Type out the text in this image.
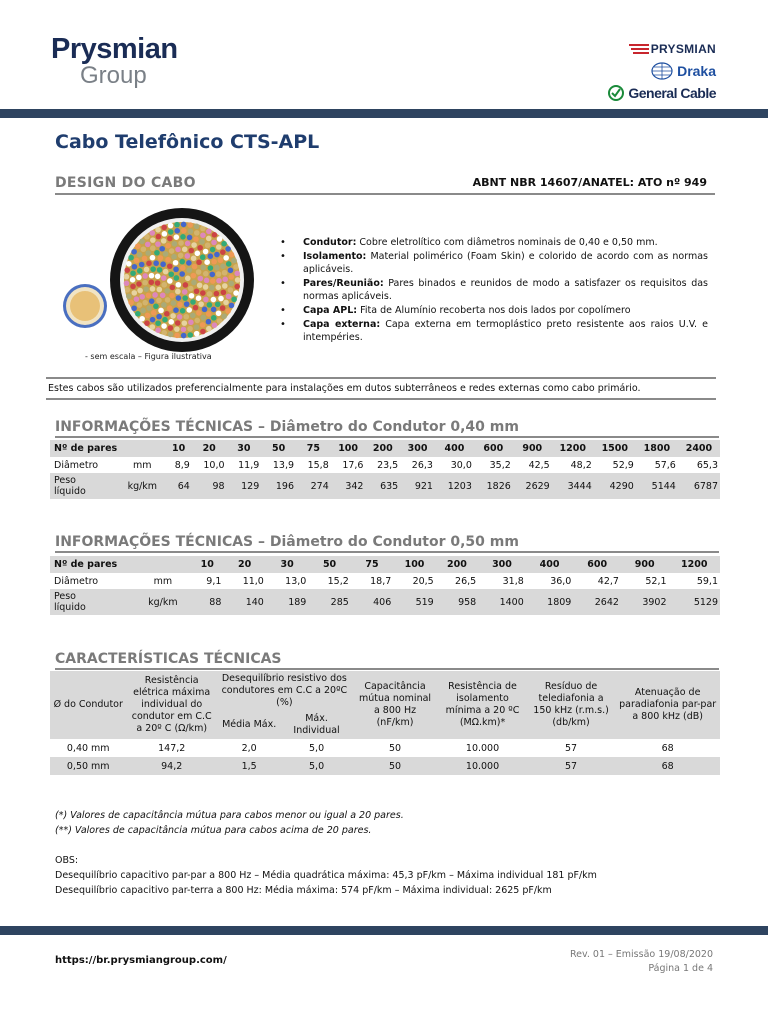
Prysmian
Group
PRYSMIAN
Draka
General Cable
Cabo Telefônico CTS-APL
DESIGN DO CABO	ABNT NBR 14607/ANATEL: ATO nº 949
- sem escala – Figura ilustrativa
• Condutor: Cobre eletrolítico com diâmetros nominais de 0,40 e 0,50 mm.
• Isolamento: Material polimérico (Foam Skin) e colorido de acordo com as normas aplicáveis.
• Pares/Reunião: Pares binados e reunidos de modo a satisfazer os requisitos das normas aplicáveis.
• Capa APL: Fita de Alumínio recoberta nos dois lados por copolímero
• Capa externa: Capa externa em termoplástico preto resistente aos raios U.V. e intempéries.
Estes cabos são utilizados preferencialmente para instalações em dutos subterrâneos e redes externas como cabo primário.
INFORMAÇÕES TÉCNICAS – Diâmetro do Condutor 0,40 mm
Nº de pares		10	20	30	50	75	100	200	300	400	600	900	1200	1500	1800	2400
Diâmetro	mm	8,9	10,0	11,9	13,9	15,8	17,6	23,5	26,3	30,0	35,2	42,5	48,2	52,9	57,6	65,3

Peso
líquido	kg/km	64	98	129	196	274	342	635	921	1203	1826	2629	3444	4290	5144	6787
INFORMAÇÕES TÉCNICAS – Diâmetro do Condutor 0,50 mm
Nº de pares		10	20	30	50	75	100	200	300	400	600	900	1200
Diâmetro	mm	9,1	11,0	13,0	15,2	18,7	20,5	26,5	31,8	36,0	42,7	52,1	59,1

Peso
líquido	kg/km	88	140	189	285	406	519	958	1400	1809	2642	3902	5129
CARACTERÍSTICAS TÉCNICAS
Ø do Condutor	Resistência elétrica máxima individual do condutor em C.C a 20º C (Ω/km)	Desequilíbrio resistivo dos condutores em C.C a 20ºC (%)		Capacitância mútua nominal a 800 Hz (nF/km)	Resistência de isolamento mínima a 20 ºC (MΩ.km)*	Resíduo de telediafonia a 150 kHz (r.m.s.) (db/km)	Atenuação de paradiafonia par-par a 800 kHz (dB)
		Média Máx.	Máx. Individual				
0,40 mm	147,2	2,0	5,0	50	10.000	57	68
0,50 mm	94,2	1,5	5,0	50	10.000	57	68
(*) Valores de capacitância mútua para cabos menor ou igual a 20 pares.
(**) Valores de capacitância mútua para cabos acima de 20 pares.
OBS:
Desequilíbrio capacitivo par-par a 800 Hz – Média quadrática máxima: 45,3 pF/km – Máxima individual 181 pF/km
Desequilíbrio capacitivo par-terra a 800 Hz: Média máxima: 574 pF/km – Máxima individual: 2625 pF/km
https://br.prysmiangroup.com/
Rev. 01 – Emissão 19/08/2020
Página 1 de 4
